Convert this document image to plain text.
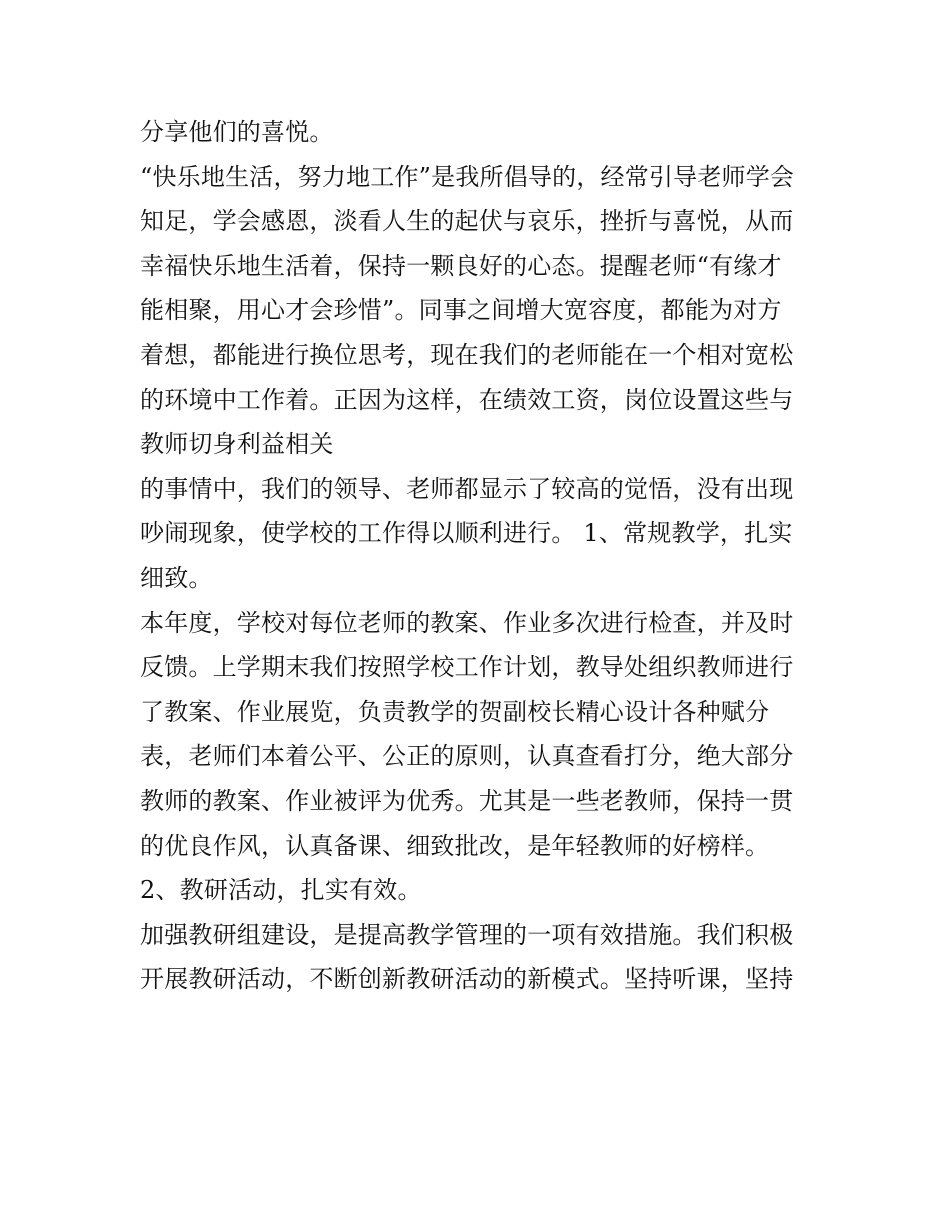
分享他们的喜悦。
“快乐地生活，努力地工作”是我所倡导的，经常引导老师学会
知足，学会感恩，淡看人生的起伏与哀乐，挫折与喜悦，从而
幸福快乐地生活着，保持一颗良好的心态。提醒老师“有缘才
能相聚，用心才会珍惜”。同事之间增大宽容度，都能为对方
着想，都能进行换位思考，现在我们的老师能在一个相对宽松
的环境中工作着。正因为这样，在绩效工资，岗位设置这些与
教师切身利益相关
的事情中，我们的领导、老师都显示了较高的觉悟，没有出现
吵闹现象，使学校的工作得以顺利进行。 1、常规教学，扎实
细致。
本年度，学校对每位老师的教案、作业多次进行检查，并及时
反馈。上学期末我们按照学校工作计划，教导处组织教师进行
了教案、作业展览，负责教学的贺副校长精心设计各种赋分
表，老师们本着公平、公正的原则，认真查看打分，绝大部分
教师的教案、作业被评为优秀。尤其是一些老教师，保持一贯
的优良作风，认真备课、细致批改，是年轻教师的好榜样。
2、教研活动，扎实有效。
加强教研组建设，是提高教学管理的一项有效措施。我们积极
开展教研活动，不断创新教研活动的新模式。坚持听课，坚持
